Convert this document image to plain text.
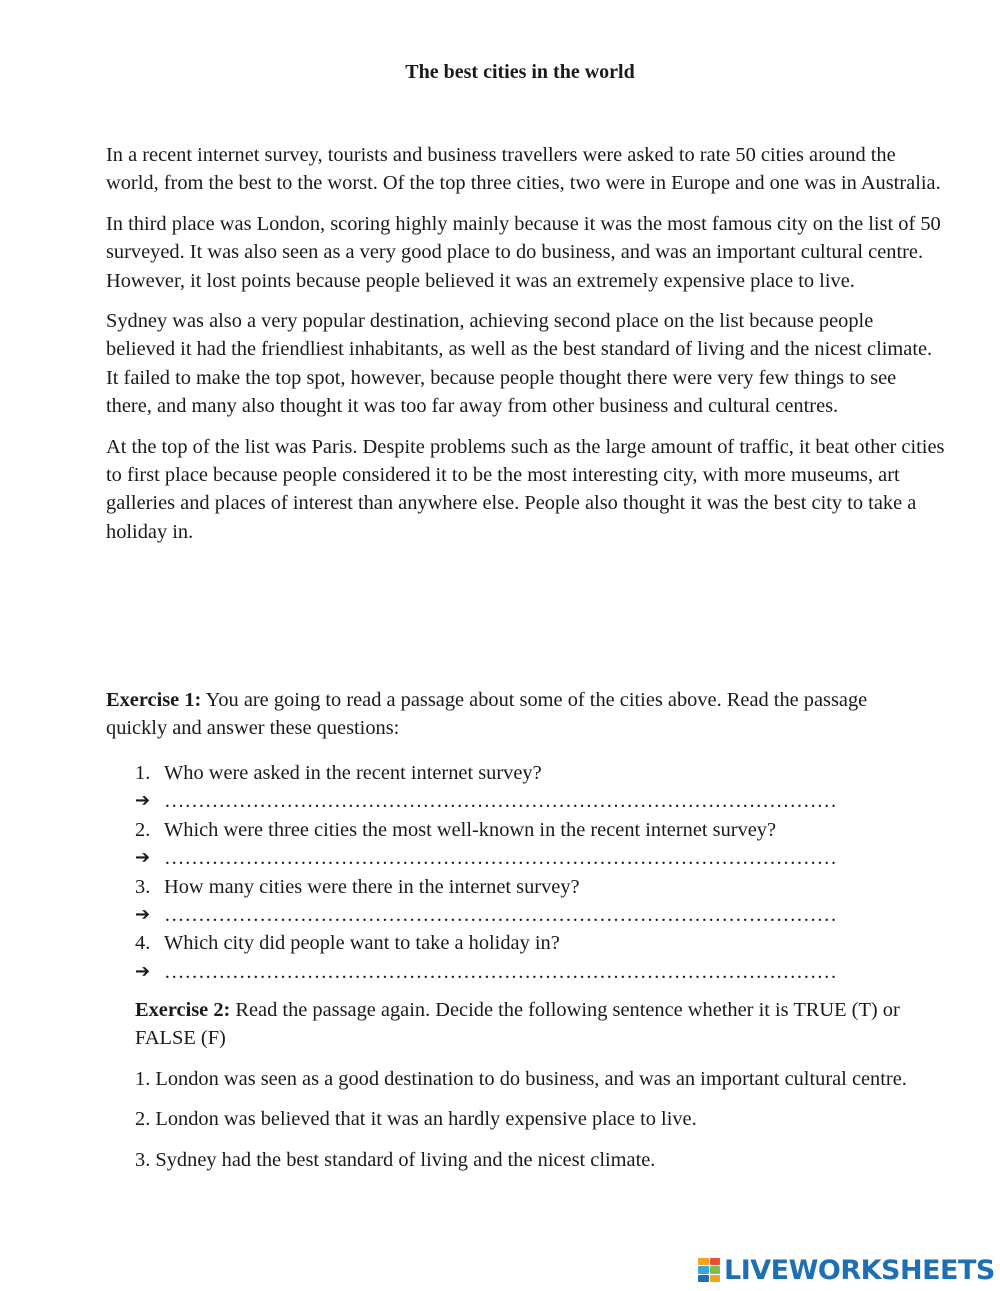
The best cities in the world

In a recent internet survey, tourists and business travellers were asked to rate 50 cities around the world, from the best to the worst. Of the top three cities, two were in Europe and one was in Australia.

In third place was London, scoring highly mainly because it was the most famous city on the list of 50 surveyed. It was also seen as a very good place to do business, and was an important cultural centre. However, it lost points because people believed it was an extremely expensive place to live.

Sydney was also a very popular destination, achieving second place on the list because people believed it had the friendliest inhabitants, as well as the best standard of living and the nicest climate. It failed to make the top spot, however, because people thought there were very few things to see there, and many also thought it was too far away from other business and cultural centres.

At the top of the list was Paris. Despite problems such as the large amount of traffic, it beat other cities to first place because people considered it to be the most interesting city, with more museums, art galleries and places of interest than anywhere else. People also thought it was the best city to take a holiday in.

Exercise 1: You are going to read a passage about some of the cities above. Read the passage quickly and answer these questions:

1. Who were asked in the recent internet survey?
➔ ………………………………………………………………………………………
2. Which were three cities the most well-known in the recent internet survey?
➔ ………………………………………………………………………………………
3. How many cities were there in the internet survey?
➔ ………………………………………………………………………………………
4. Which city did people want to take a holiday in?
➔ ………………………………………………………………………………………

Exercise 2: Read the passage again. Decide the following sentence whether it is TRUE (T) or FALSE (F)

1. London was seen as a good destination to do business, and was an important cultural centre.

2. London was believed that it was an hardly expensive place to live.

3. Sydney had the best standard of living and the nicest climate.

LIVEWORKSHEETS
